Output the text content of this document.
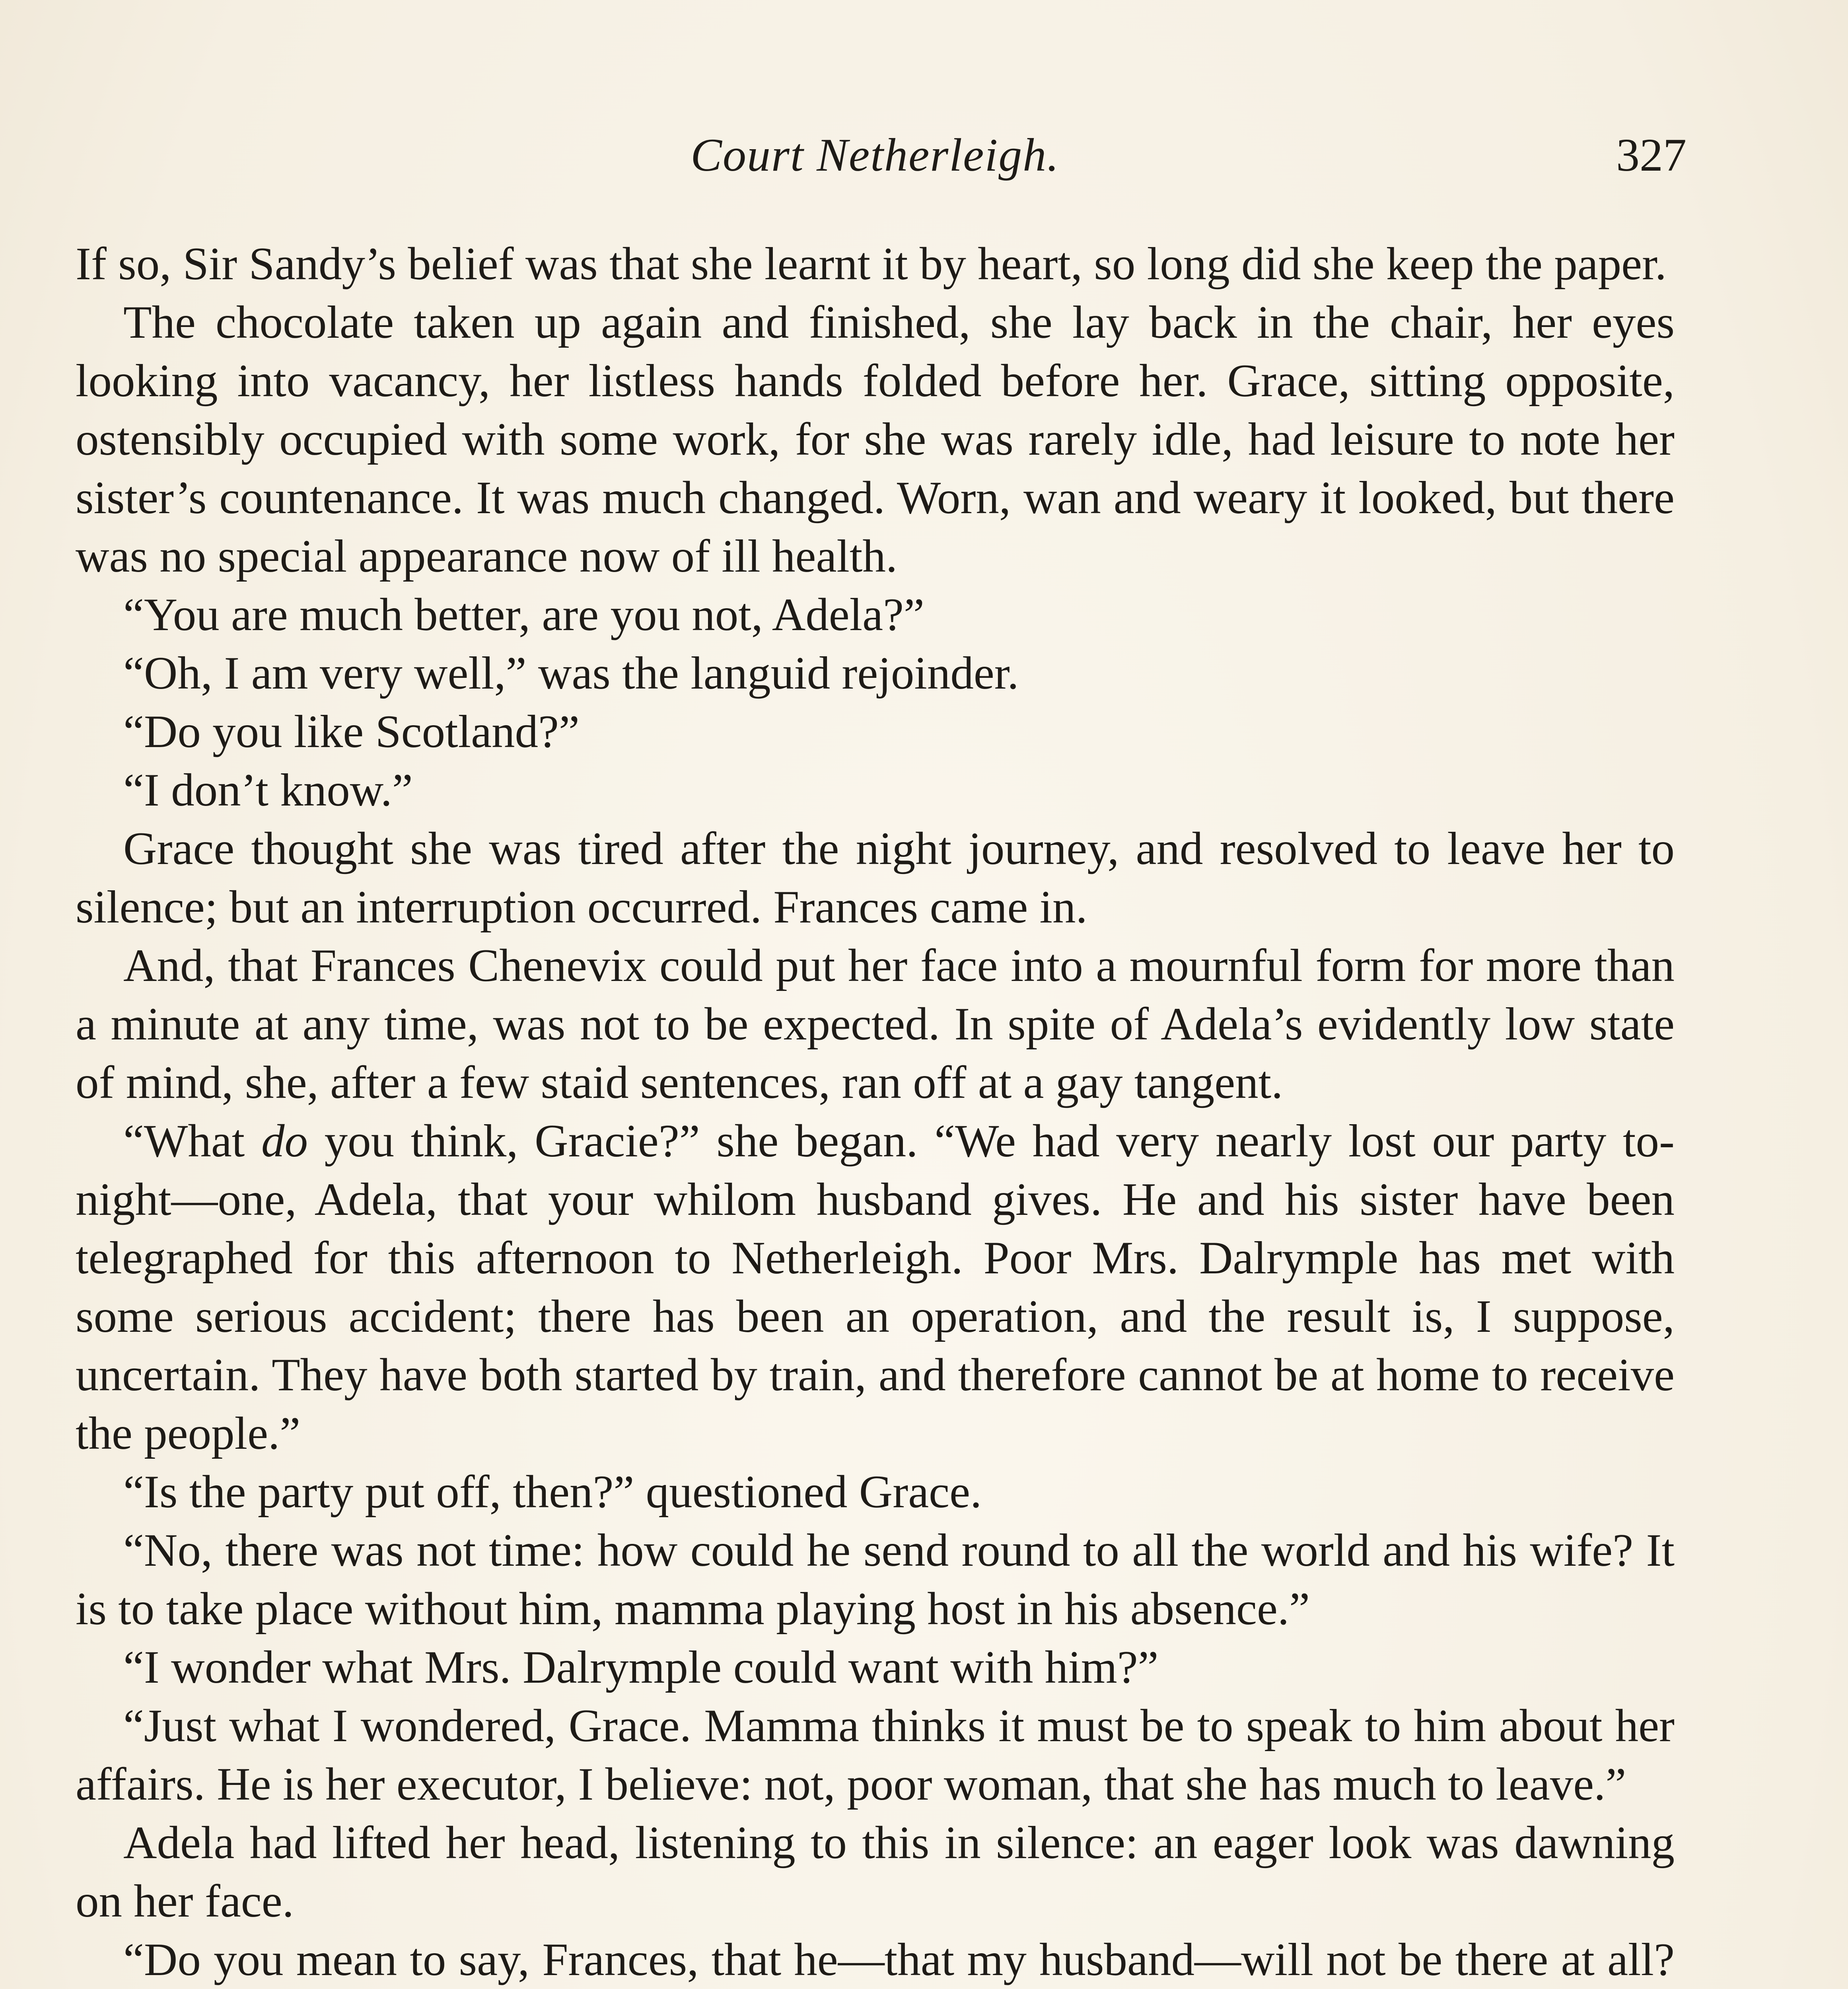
Court Netherleigh.	327

If so, Sir Sandy’s belief was that she learnt it by heart, so long did she keep the paper.

The chocolate taken up again and finished, she lay back in the chair, her eyes looking into vacancy, her listless hands folded before her. Grace, sitting opposite, ostensibly occupied with some work, for she was rarely idle, had leisure to note her sister’s countenance. It was much changed. Worn, wan and weary it looked, but there was no special appearance now of ill health.

“You are much better, are you not, Adela?”

“Oh, I am very well,” was the languid rejoinder.

“Do you like Scotland?”

“I don’t know.”

Grace thought she was tired after the night journey, and resolved to leave her to silence; but an interruption occurred. Frances came in.

And, that Frances Chenevix could put her face into a mournful form for more than a minute at any time, was not to be expected. In spite of Adela’s evidently low state of mind, she, after a few staid sentences, ran off at a gay tangent.

“What do you think, Gracie?” she began. “We had very nearly lost our party to-night—one, Adela, that your whilom husband gives. He and his sister have been telegraphed for this afternoon to Netherleigh. Poor Mrs. Dalrymple has met with some serious accident; there has been an operation, and the result is, I suppose, uncertain. They have both started by train, and therefore cannot be at home to receive the people.”

“Is the party put off, then?” questioned Grace.

“No, there was not time: how could he send round to all the world and his wife? It is to take place without him, mamma playing host in his absence.”

“I wonder what Mrs. Dalrymple could want with him?”

“Just what I wondered, Grace. Mamma thinks it must be to speak to him about her affairs. He is her executor, I believe: not, poor woman, that she has much to leave.”

Adela had lifted her head, listening to this in silence: an eager look was dawning on her face.

“Do you mean to say, Frances, that he—that my husband—will not be there at all?
